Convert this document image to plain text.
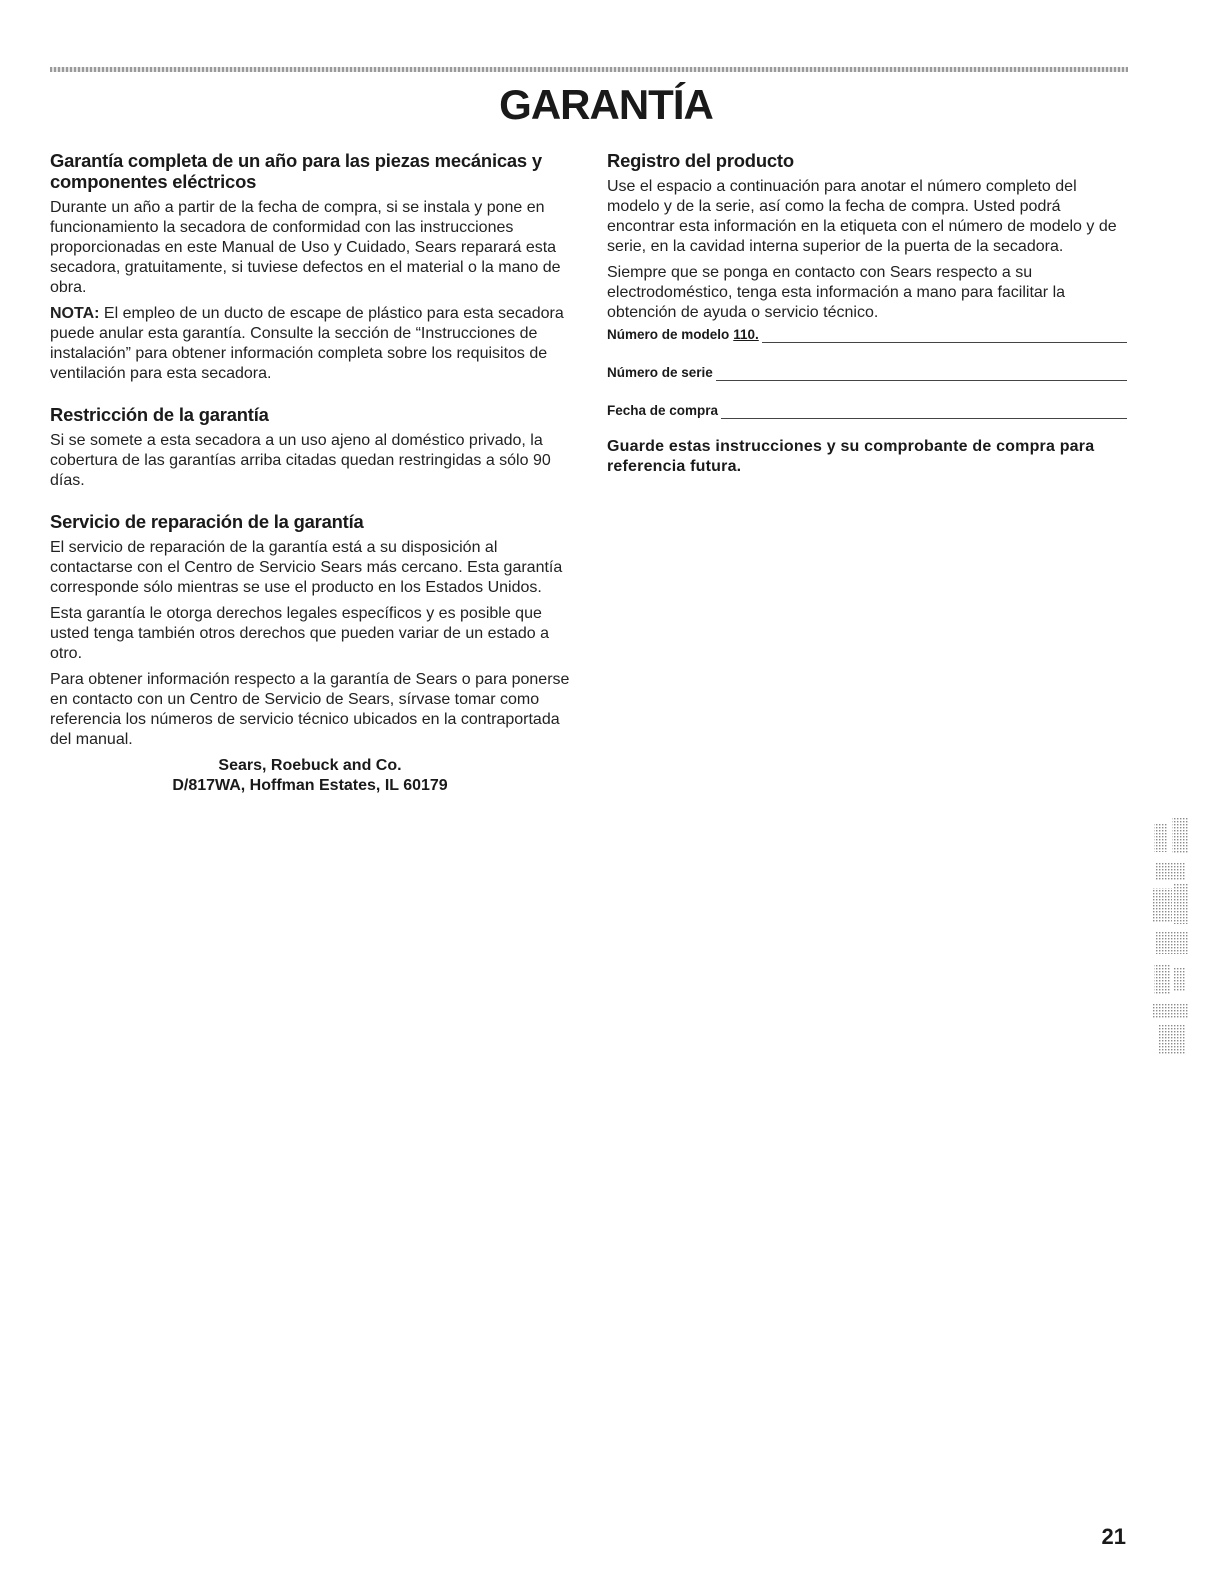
GARANTÍA
Garantía completa de un año para las piezas mecánicas y componentes eléctricos

Durante un año a partir de la fecha de compra, si se instala y pone en funcionamiento la secadora de conformidad con las instrucciones proporcionadas en este Manual de Uso y Cuidado, Sears reparará esta secadora, gratuitamente, si tuviese defectos en el material o la mano de obra.

NOTA: El empleo de un ducto de escape de plástico para esta secadora puede anular esta garantía. Consulte la sección de “Instrucciones de instalación” para obtener información completa sobre los requisitos de ventilación para esta secadora.

Restricción de la garantía

Si se somete a esta secadora a un uso ajeno al doméstico privado, la cobertura de las garantías arriba citadas quedan restringidas a sólo 90 días.

Servicio de reparación de la garantía

El servicio de reparación de la garantía está a su disposición al contactarse con el Centro de Servicio Sears más cercano. Esta garantía corresponde sólo mientras se use el producto en los Estados Unidos.

Esta garantía le otorga derechos legales específicos y es posible que usted tenga también otros derechos que pueden variar de un estado a otro.

Para obtener información respecto a la garantía de Sears o para ponerse en contacto con un Centro de Servicio de Sears, sírvase tomar como referencia los números de servicio técnico ubicados en la contraportada del manual.

Sears, Roebuck and Co.
D/817WA, Hoffman Estates, IL 60179
Registro del producto

Use el espacio a continuación para anotar el número completo del modelo y de la serie, así como la fecha de compra. Usted podrá encontrar esta información en la etiqueta con el número de modelo y de serie, en la cavidad interna superior de la puerta de la secadora.

Siempre que se ponga en contacto con Sears respecto a su electrodoméstico, tenga esta información a mano para facilitar la obtención de ayuda o servicio técnico.

Número de modelo 110.
Número de serie
Fecha de compra
Guarde estas instrucciones y su comprobante de compra para referencia futura.
21
